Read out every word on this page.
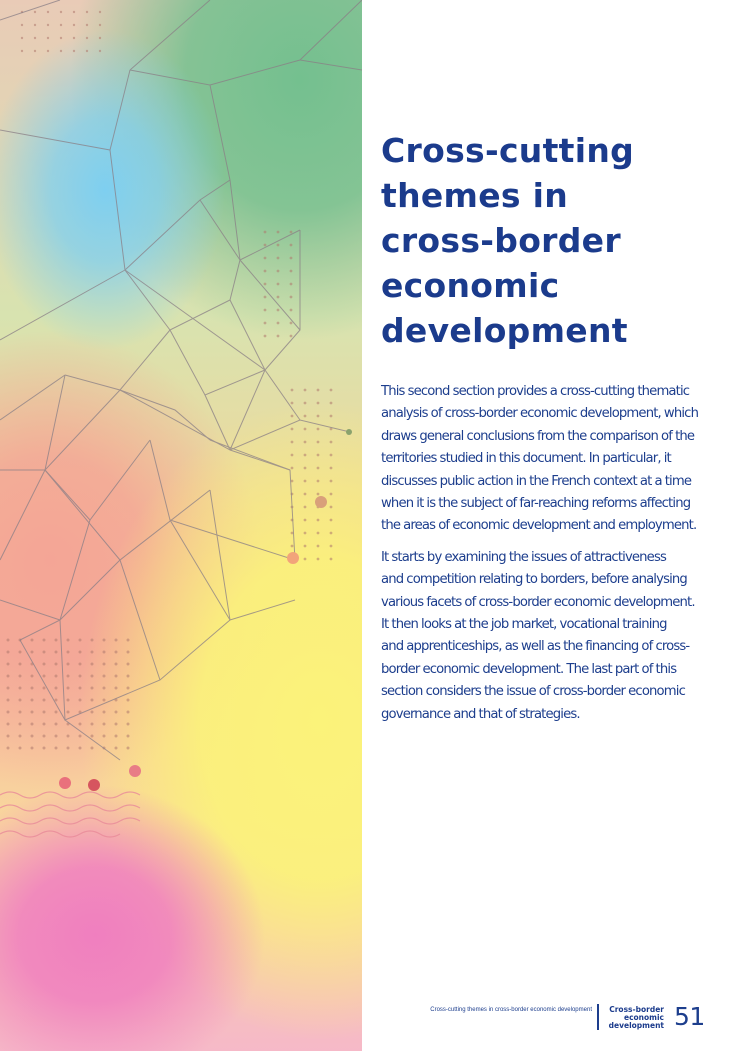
Cross-cutting
themes in
cross-border
economic
development

This second section provides a cross-cutting thematic
analysis of cross-border economic development, which
draws general conclusions from the comparison of the
territories studied in this document. In particular, it
discusses public action in the French context at a time
when it is the subject of far-reaching reforms affecting
the areas of economic development and employment.

It starts by examining the issues of attractiveness
and competition relating to borders, before analysing
various facets of cross-border economic development.
It then looks at the job market, vocational training
and apprenticeships, as well as the financing of cross-
border economic development. The last part of this
section considers the issue of cross-border economic
governance and that of strategies.

Cross-cutting themes in cross-border economic development Cross-border
economic
development 51
